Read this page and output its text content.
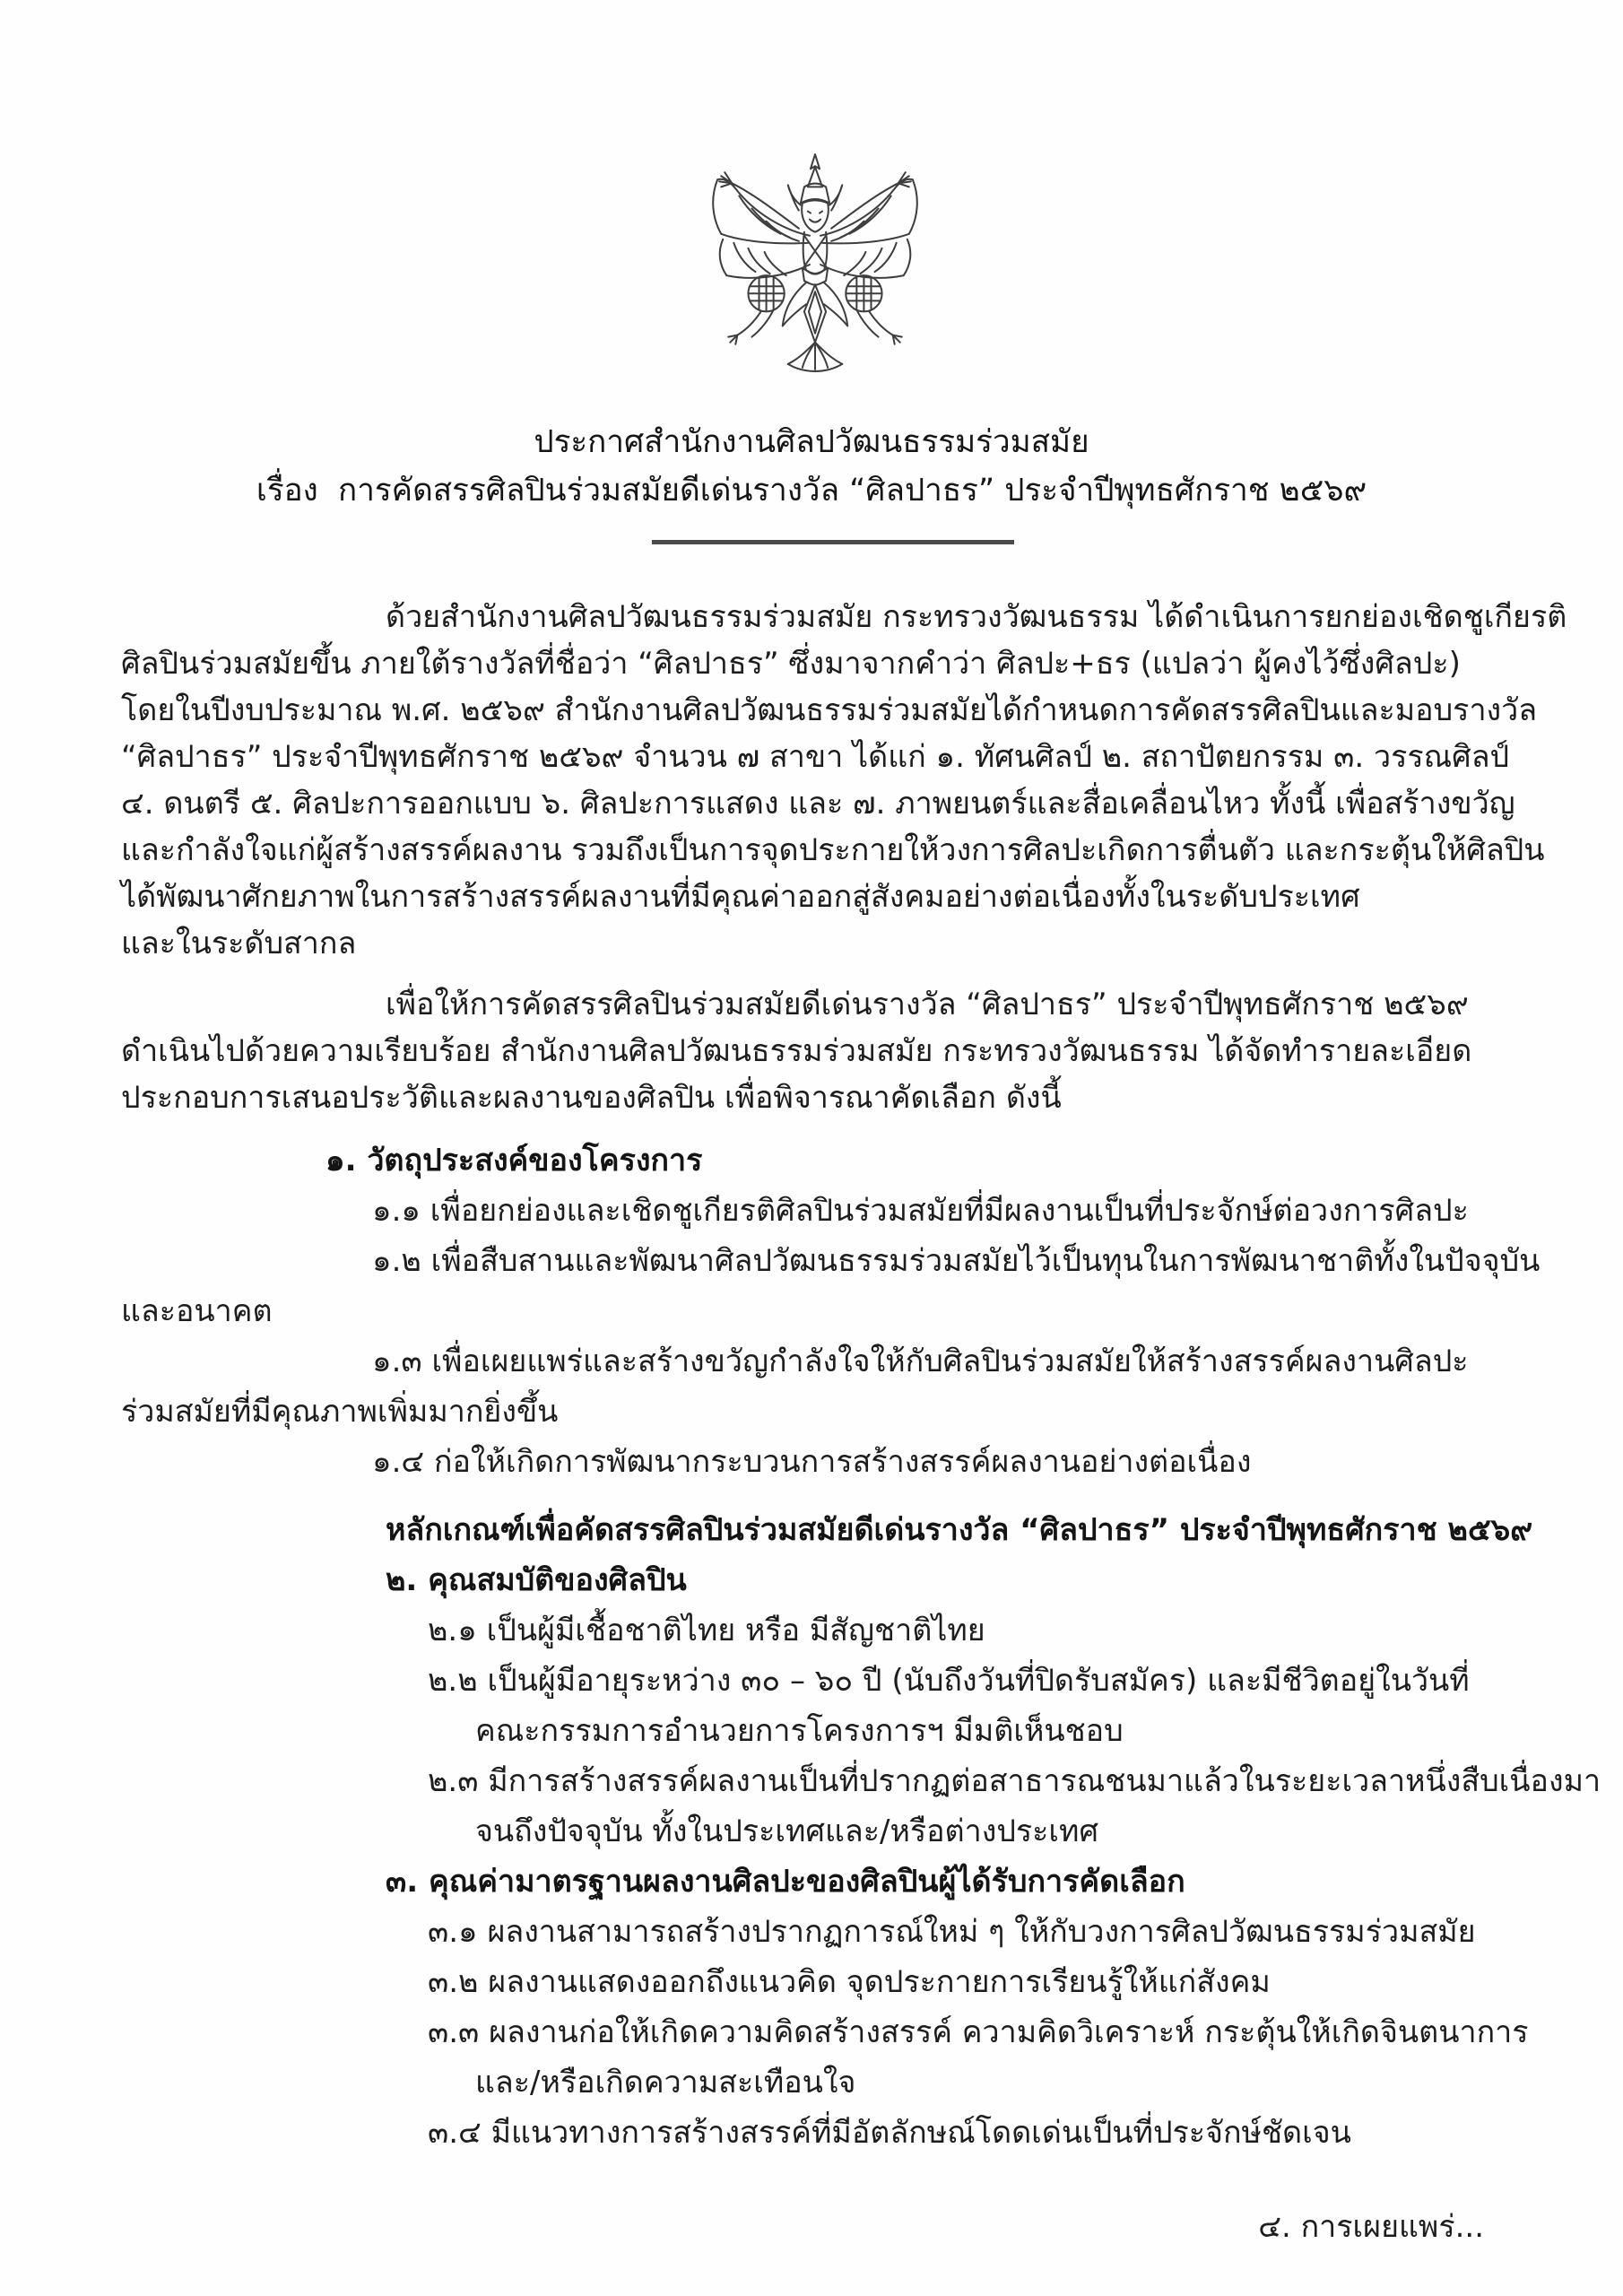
ประกาศสำนักงานศิลปวัฒนธรรมร่วมสมัย
เรื่อง  การคัดสรรศิลปินร่วมสมัยดีเด่นรางวัล “ศิลปาธร” ประจำปีพุทธศักราช ๒๕๖๙
ด้วยสำนักงานศิลปวัฒนธรรมร่วมสมัย กระทรวงวัฒนธรรม ได้ดำเนินการยกย่องเชิดชูเกียรติ
ศิลปินร่วมสมัยขึ้น ภายใต้รางวัลที่ชื่อว่า “ศิลปาธร” ซึ่งมาจากคำว่า ศิลปะ+ธร (แปลว่า ผู้คงไว้ซึ่งศิลปะ)
โดยในปีงบประมาณ พ.ศ. ๒๕๖๙ สำนักงานศิลปวัฒนธรรมร่วมสมัยได้กำหนดการคัดสรรศิลปินและมอบรางวัล
“ศิลปาธร” ประจำปีพุทธศักราช ๒๕๖๙ จำนวน ๗ สาขา ได้แก่ ๑. ทัศนศิลป์ ๒. สถาปัตยกรรม ๓. วรรณศิลป์
๔. ดนตรี ๕. ศิลปะการออกแบบ ๖. ศิลปะการแสดง และ ๗. ภาพยนตร์และสื่อเคลื่อนไหว ทั้งนี้ เพื่อสร้างขวัญ
และกำลังใจแก่ผู้สร้างสรรค์ผลงาน รวมถึงเป็นการจุดประกายให้วงการศิลปะเกิดการตื่นตัว และกระตุ้นให้ศิลปิน
ได้พัฒนาศักยภาพในการสร้างสรรค์ผลงานที่มีคุณค่าออกสู่สังคมอย่างต่อเนื่องทั้งในระดับประเทศ
และในระดับสากล
เพื่อให้การคัดสรรศิลปินร่วมสมัยดีเด่นรางวัล “ศิลปาธร” ประจำปีพุทธศักราช ๒๕๖๙
ดำเนินไปด้วยความเรียบร้อย สำนักงานศิลปวัฒนธรรมร่วมสมัย กระทรวงวัฒนธรรม ได้จัดทำรายละเอียด
ประกอบการเสนอประวัติและผลงานของศิลปิน เพื่อพิจารณาคัดเลือก ดังนี้
๑. วัตถุประสงค์ของโครงการ
๑.๑ เพื่อยกย่องและเชิดชูเกียรติศิลปินร่วมสมัยที่มีผลงานเป็นที่ประจักษ์ต่อวงการศิลปะ
๑.๒ เพื่อสืบสานและพัฒนาศิลปวัฒนธรรมร่วมสมัยไว้เป็นทุนในการพัฒนาชาติทั้งในปัจจุบัน
และอนาคต
๑.๓ เพื่อเผยแพร่และสร้างขวัญกำลังใจให้กับศิลปินร่วมสมัยให้สร้างสรรค์ผลงานศิลปะ
ร่วมสมัยที่มีคุณภาพเพิ่มมากยิ่งขึ้น
๑.๔ ก่อให้เกิดการพัฒนากระบวนการสร้างสรรค์ผลงานอย่างต่อเนื่อง
หลักเกณฑ์เพื่อคัดสรรศิลปินร่วมสมัยดีเด่นรางวัล “ศิลปาธร” ประจำปีพุทธศักราช ๒๕๖๙
๒. คุณสมบัติของศิลปิน
๒.๑ เป็นผู้มีเชื้อชาติไทย หรือ มีสัญชาติไทย
๒.๒ เป็นผู้มีอายุระหว่าง ๓๐ – ๖๐ ปี (นับถึงวันที่ปิดรับสมัคร) และมีชีวิตอยู่ในวันที่
คณะกรรมการอำนวยการโครงการฯ มีมติเห็นชอบ
๒.๓ มีการสร้างสรรค์ผลงานเป็นที่ปรากฏต่อสาธารณชนมาแล้วในระยะเวลาหนึ่งสืบเนื่องมา
จนถึงปัจจุบัน ทั้งในประเทศและ/หรือต่างประเทศ
๓. คุณค่ามาตรฐานผลงานศิลปะของศิลปินผู้ได้รับการคัดเลือก
๓.๑ ผลงานสามารถสร้างปรากฏการณ์ใหม่ ๆ ให้กับวงการศิลปวัฒนธรรมร่วมสมัย
๓.๒ ผลงานแสดงออกถึงแนวคิด จุดประกายการเรียนรู้ให้แก่สังคม
๓.๓ ผลงานก่อให้เกิดความคิดสร้างสรรค์ ความคิดวิเคราะห์ กระตุ้นให้เกิดจินตนาการ
และ/หรือเกิดความสะเทือนใจ
๓.๔ มีแนวทางการสร้างสรรค์ที่มีอัตลักษณ์โดดเด่นเป็นที่ประจักษ์ชัดเจน
๔. การเผยแพร่...
